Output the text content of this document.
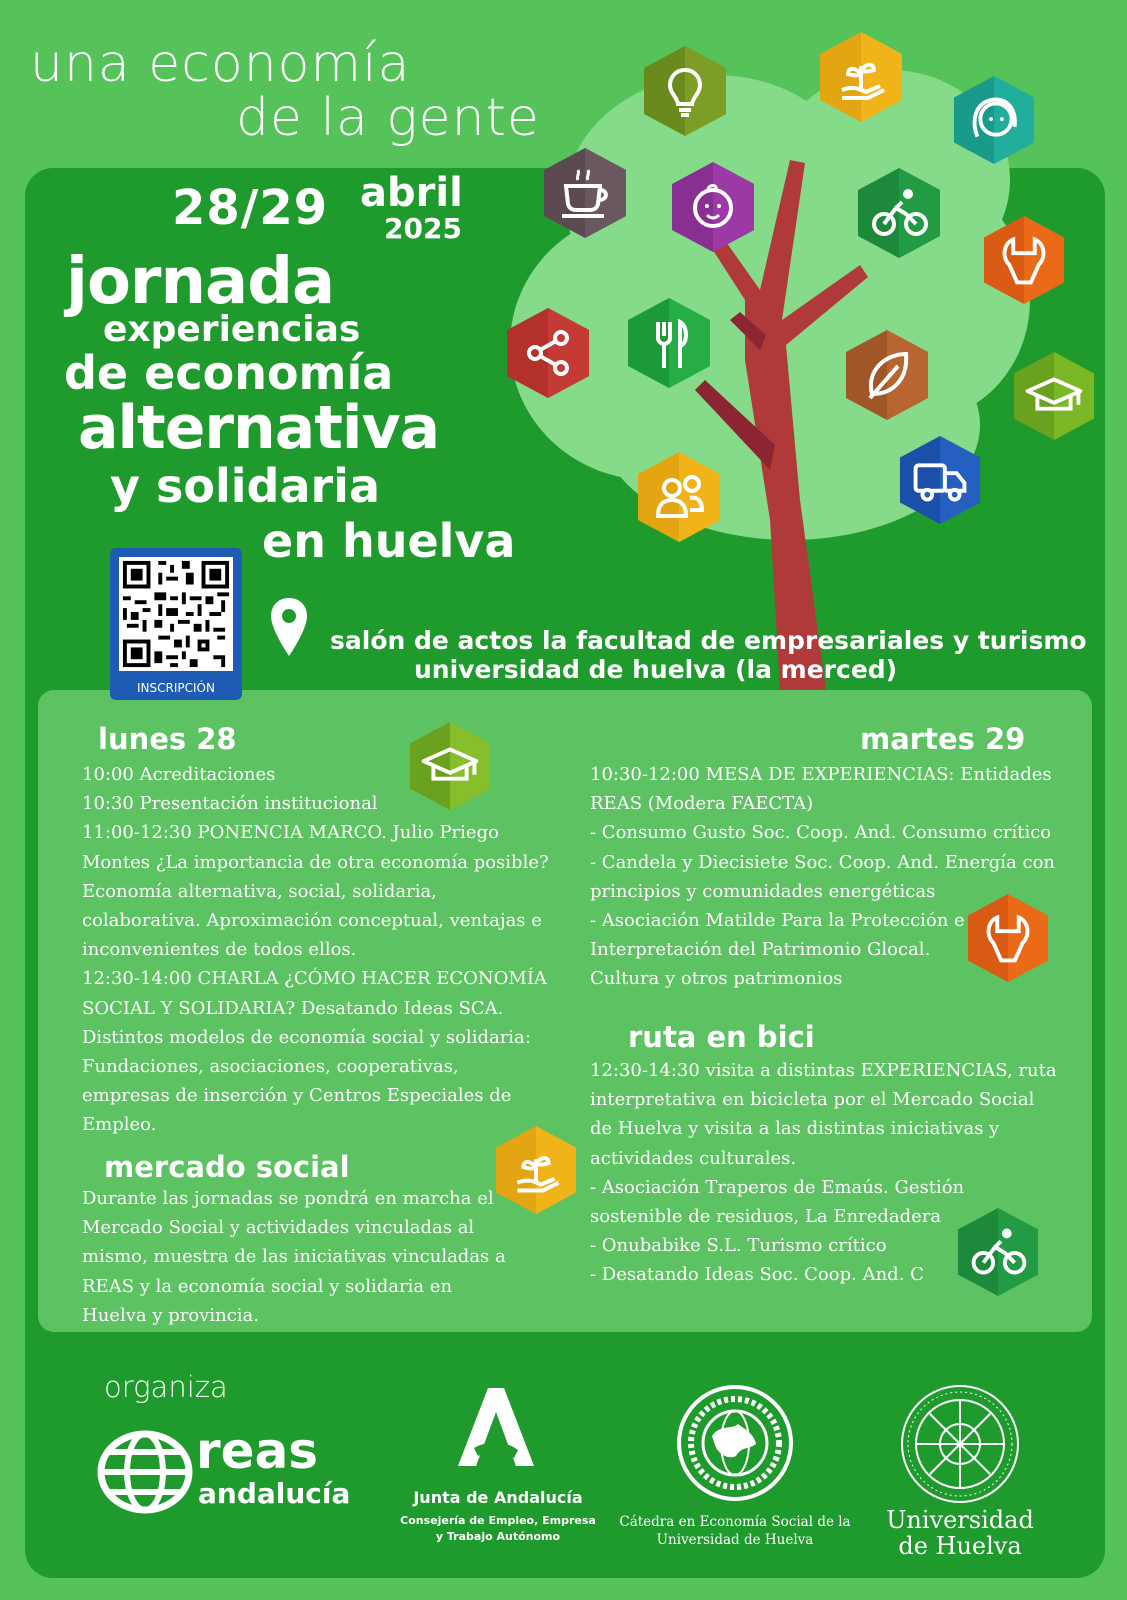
una economía
de la gente
28/29 abril
2025
jornada
experiencias
de economía
alternativa
y solidaria
en huelva
INSCRIPCIÓN
salón de actos la facultad de empresariales y turismo
universidad de huelva (la merced)
lunes 28

10:00 Acreditaciones

10:30 Presentación institucional

11:00-12:30 PONENCIA MARCO. Julio Priego Montes ¿La importancia de otra economía posible? Economía alternativa, social, solidaria, colaborativa. Aproximación conceptual, ventajas e inconvenientes de todos ellos.

12:30-14:00 CHARLA ¿CÓMO HACER ECONOMÍA SOCIAL Y SOLIDARIA? Desatando Ideas SCA. Distintos modelos de economía social y solidaria: Fundaciones, asociaciones, cooperativas, empresas de inserción y Centros Especiales de Empleo.

mercado social
Durante las jornadas se pondrá en marcha el Mercado Social y actividades vinculadas al mismo, muestra de las iniciativas vinculadas a REAS y la economía social y solidaria en Huelva y provincia.
martes 29

10:30-12:00 MESA DE EXPERIENCIAS: Entidades REAS (Modera FAECTA)

- Consumo Gusto Soc. Coop. And. Consumo crítico

- Candela y Diecisiete Soc. Coop. And. Energía con principios y comunidades energéticas

- Asociación Matilde Para la Protección e Interpretación del Patrimonio Glocal. Cultura y otros patrimonios

ruta en bici

12:30-14:30 visita a distintas EXPERIENCIAS, ruta interpretativa en bicicleta por el Mercado Social de Huelva y visita a las distintas iniciativas y actividades culturales.

- Asociación Traperos de Emaús. Gestión sostenible de residuos, La Enredadera

- Onubabike S.L. Turismo crítico

- Desatando Ideas Soc. Coop. And. C

organiza
reas
andalucía	Junta de Andalucía
Consejería de Empleo, Empresa
y Trabajo Autónomo
Cátedra en Economía Social de la
Universidad de Huelva
Universidad
de Huelva
